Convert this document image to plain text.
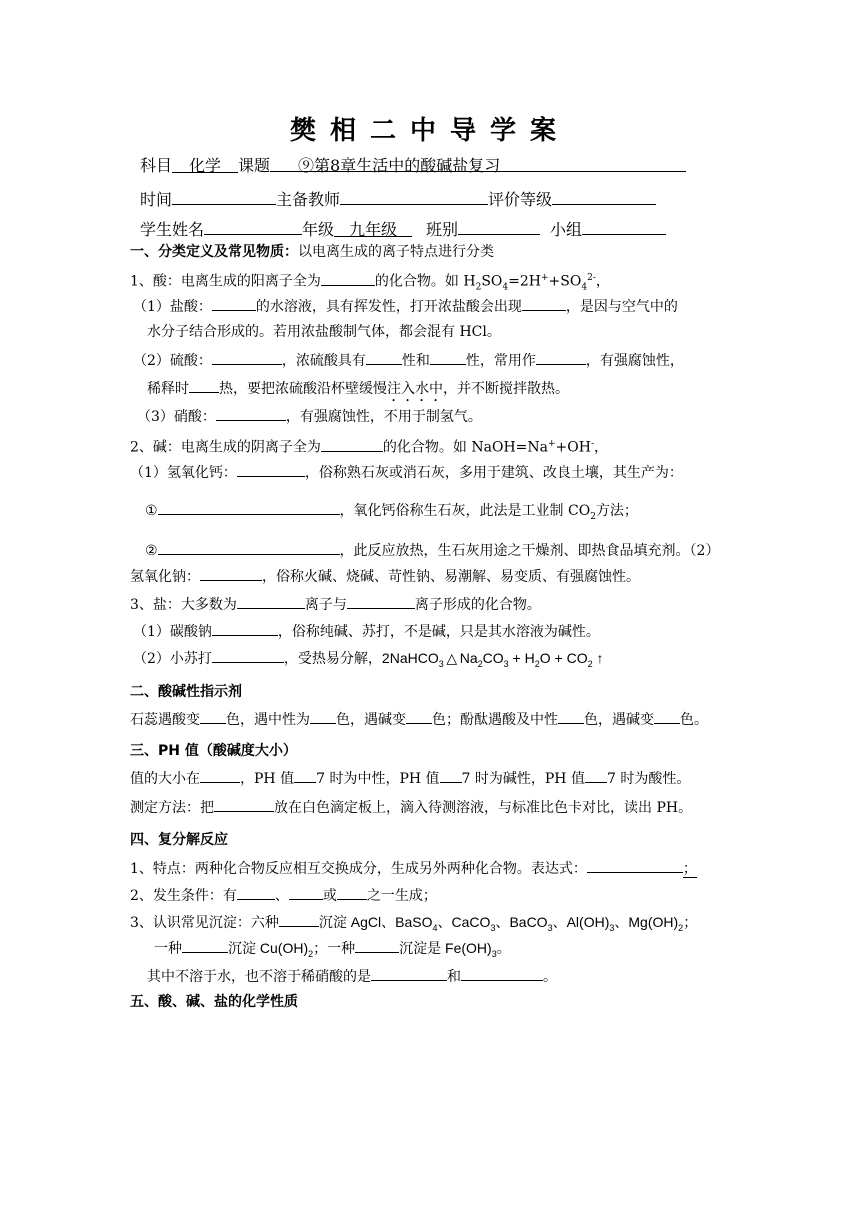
樊相二中导学案
科目 化学 课题 ⑨第8章生活中的酸碱盐复习
时间	主备教师	评价等级
学生姓名	年级 九年级 班别	小组
一、分类定义及常见物质：以电离生成的离子特点进行分类
1、酸：电离生成的阳离子全为	的化合物。如 $H_2SO_4=2H^++SO_4^{2-}$，
（1）盐酸：	的水溶液，具有挥发性，打开浓盐酸会出现	，是因与空气中的
水分子结合形成的。若用浓盐酸制气体，都会混有 HCl。
（2）硫酸：	，浓硫酸具有	性和	性，常用作	，有强腐蚀性，
稀释时 热，要把浓硫酸沿杯壁缓慢注入水中，并不断搅拌散热。
（3）硝酸：	，有强腐蚀性，不用于制氢气。
2、碱：电离生成的阴离子全为	的化合物。如 NaOH=Na++OH-，
（1）氢氧化钙：	，俗称熟石灰或消石灰，多用于建筑、改良土壤，其生产为：
①	，氧化钙俗称生石灰，此法是工业制 $CO_2$方法；
②	，此反应放热，生石灰用途之干燥剂、即热食品填充剂。（2）
氢氧化钠：	，俗称火碱、烧碱、苛性钠、易潮解、易变质、有强腐蚀性。
3、盐：大多数为	离子与	离子形成的化合物。
（1）碳酸钠	，俗称纯碱、苏打，不是碱，只是其水溶液为碱性。
（2）小苏打	，受热易分解，2NaHCO$_3$ △ $Na_2CO_3 + H_2O + CO_2$ ↑
二、酸碱性指示剂
石蕊遇酸变 色，遇中性为 色，遇碱变 色；酚酞遇酸及中性 色，遇碱变 色。
三、PH 值（酸碱度大小）
值的大小在	，PH 值 7 时为中性，PH 值 7 时为碱性，PH 值 7 时为酸性。
测定方法：把	放在白色滴定板上，滴入待测溶液，与标准比色卡对比，读出 PH。
四、复分解反应
1、特点：两种化合物反应相互交换成分，生成另外两种化合物。表达式：	；
2、发生条件：有	、 或 之一生成；
3、认识常见沉淀：六种	沉淀 AgCl、BaSO$_4$、CaCO$_3$、BaCO$_3$、$Al(OH)_3$、$Mg(OH)_2$；
一种	沉淀 $Cu(OH)_2$；一种	沉淀是 $Fe(OH)_3$。
其中不溶于水，也不溶于稀硝酸的是	和	。
五、酸、碱、盐的化学性质
